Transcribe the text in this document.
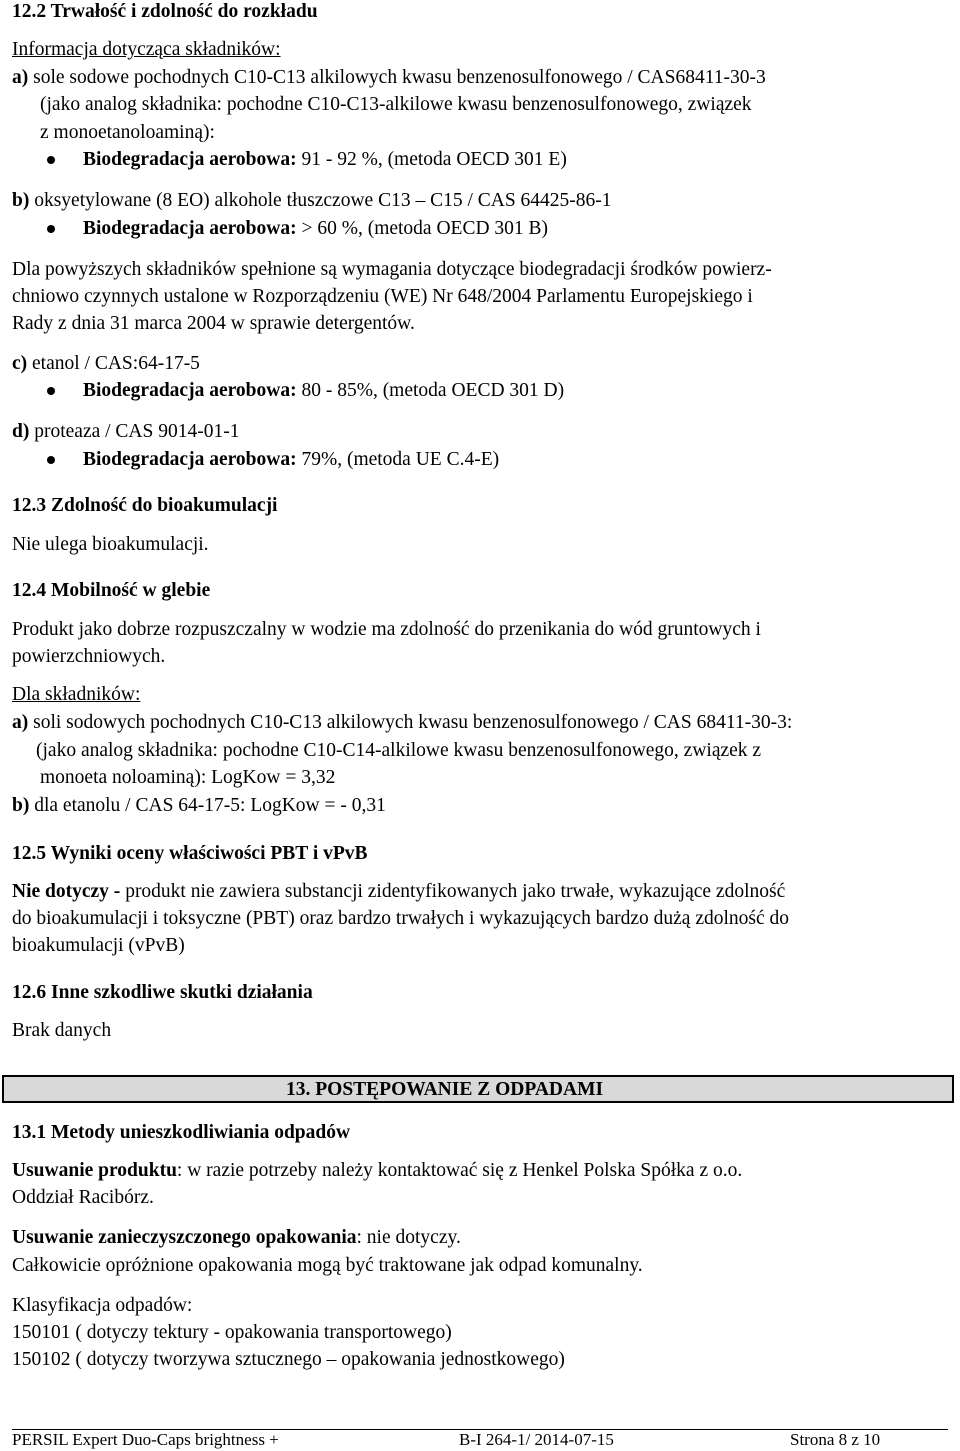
12.2 Trwałość i zdolność do rozkładu
Informacja dotycząca składników:
a) sole sodowe pochodnych C10-C13 alkilowych kwasu benzenosulfonowego / CAS68411-30-3
(jako analog składnika: pochodne C10-C13-alkilowe kwasu benzenosulfonowego, związek
z monoetanoloaminą):
Biodegradacja aerobowa: 91 - 92 %, (metoda OECD 301 E)
b) oksyetylowane (8 EO) alkohole tłuszczowe C13 – C15 / CAS 64425-86-1
Biodegradacja aerobowa: > 60 %, (metoda OECD 301 B)
Dla powyższych składników spełnione są wymagania dotyczące biodegradacji środków powierz-
chniowo czynnych ustalone w Rozporządzeniu (WE) Nr 648/2004 Parlamentu Europejskiego i
Rady z dnia 31 marca 2004 w sprawie detergentów.
c) etanol / CAS:64-17-5
Biodegradacja aerobowa: 80 - 85%, (metoda OECD 301 D)
d) proteaza / CAS 9014-01-1
Biodegradacja aerobowa: 79%, (metoda UE C.4-E)
12.3 Zdolność do bioakumulacji
Nie ulega bioakumulacji.
12.4 Mobilność w glebie
Produkt jako dobrze rozpuszczalny w wodzie ma zdolność do przenikania do wód gruntowych i
powierzchniowych.
Dla składników:
a) soli sodowych pochodnych C10-C13 alkilowych kwasu benzenosulfonowego / CAS 68411-30-3:
(jako analog składnika: pochodne C10-C14-alkilowe kwasu benzenosulfonowego, związek z
monoeta noloaminą): LogKow = 3,32
b) dla etanolu / CAS 64-17-5: LogKow = - 0,31
12.5 Wyniki oceny właściwości PBT i vPvB
Nie dotyczy - produkt nie zawiera substancji zidentyfikowanych jako trwałe, wykazujące zdolność
do bioakumulacji i toksyczne (PBT) oraz bardzo trwałych i wykazujących bardzo dużą zdolność do
bioakumulacji (vPvB)
12.6 Inne szkodliwe skutki działania
Brak danych
13. POSTĘPOWANIE Z ODPADAMI
13.1 Metody unieszkodliwiania odpadów
Usuwanie produktu: w razie potrzeby należy kontaktować się z Henkel Polska Spółka z o.o.
Oddział Racibórz.
Usuwanie zanieczyszczonego opakowania: nie dotyczy.
Całkowicie opróżnione opakowania mogą być traktowane jak odpad komunalny.
Klasyfikacja odpadów:
150101 ( dotyczy tektury - opakowania transportowego)
150102 ( dotyczy tworzywa sztucznego – opakowania jednostkowego)
PERSIL Expert Duo-Caps brightness +	B-I 264-1/ 2014-07-15	Strona 8 z 10
